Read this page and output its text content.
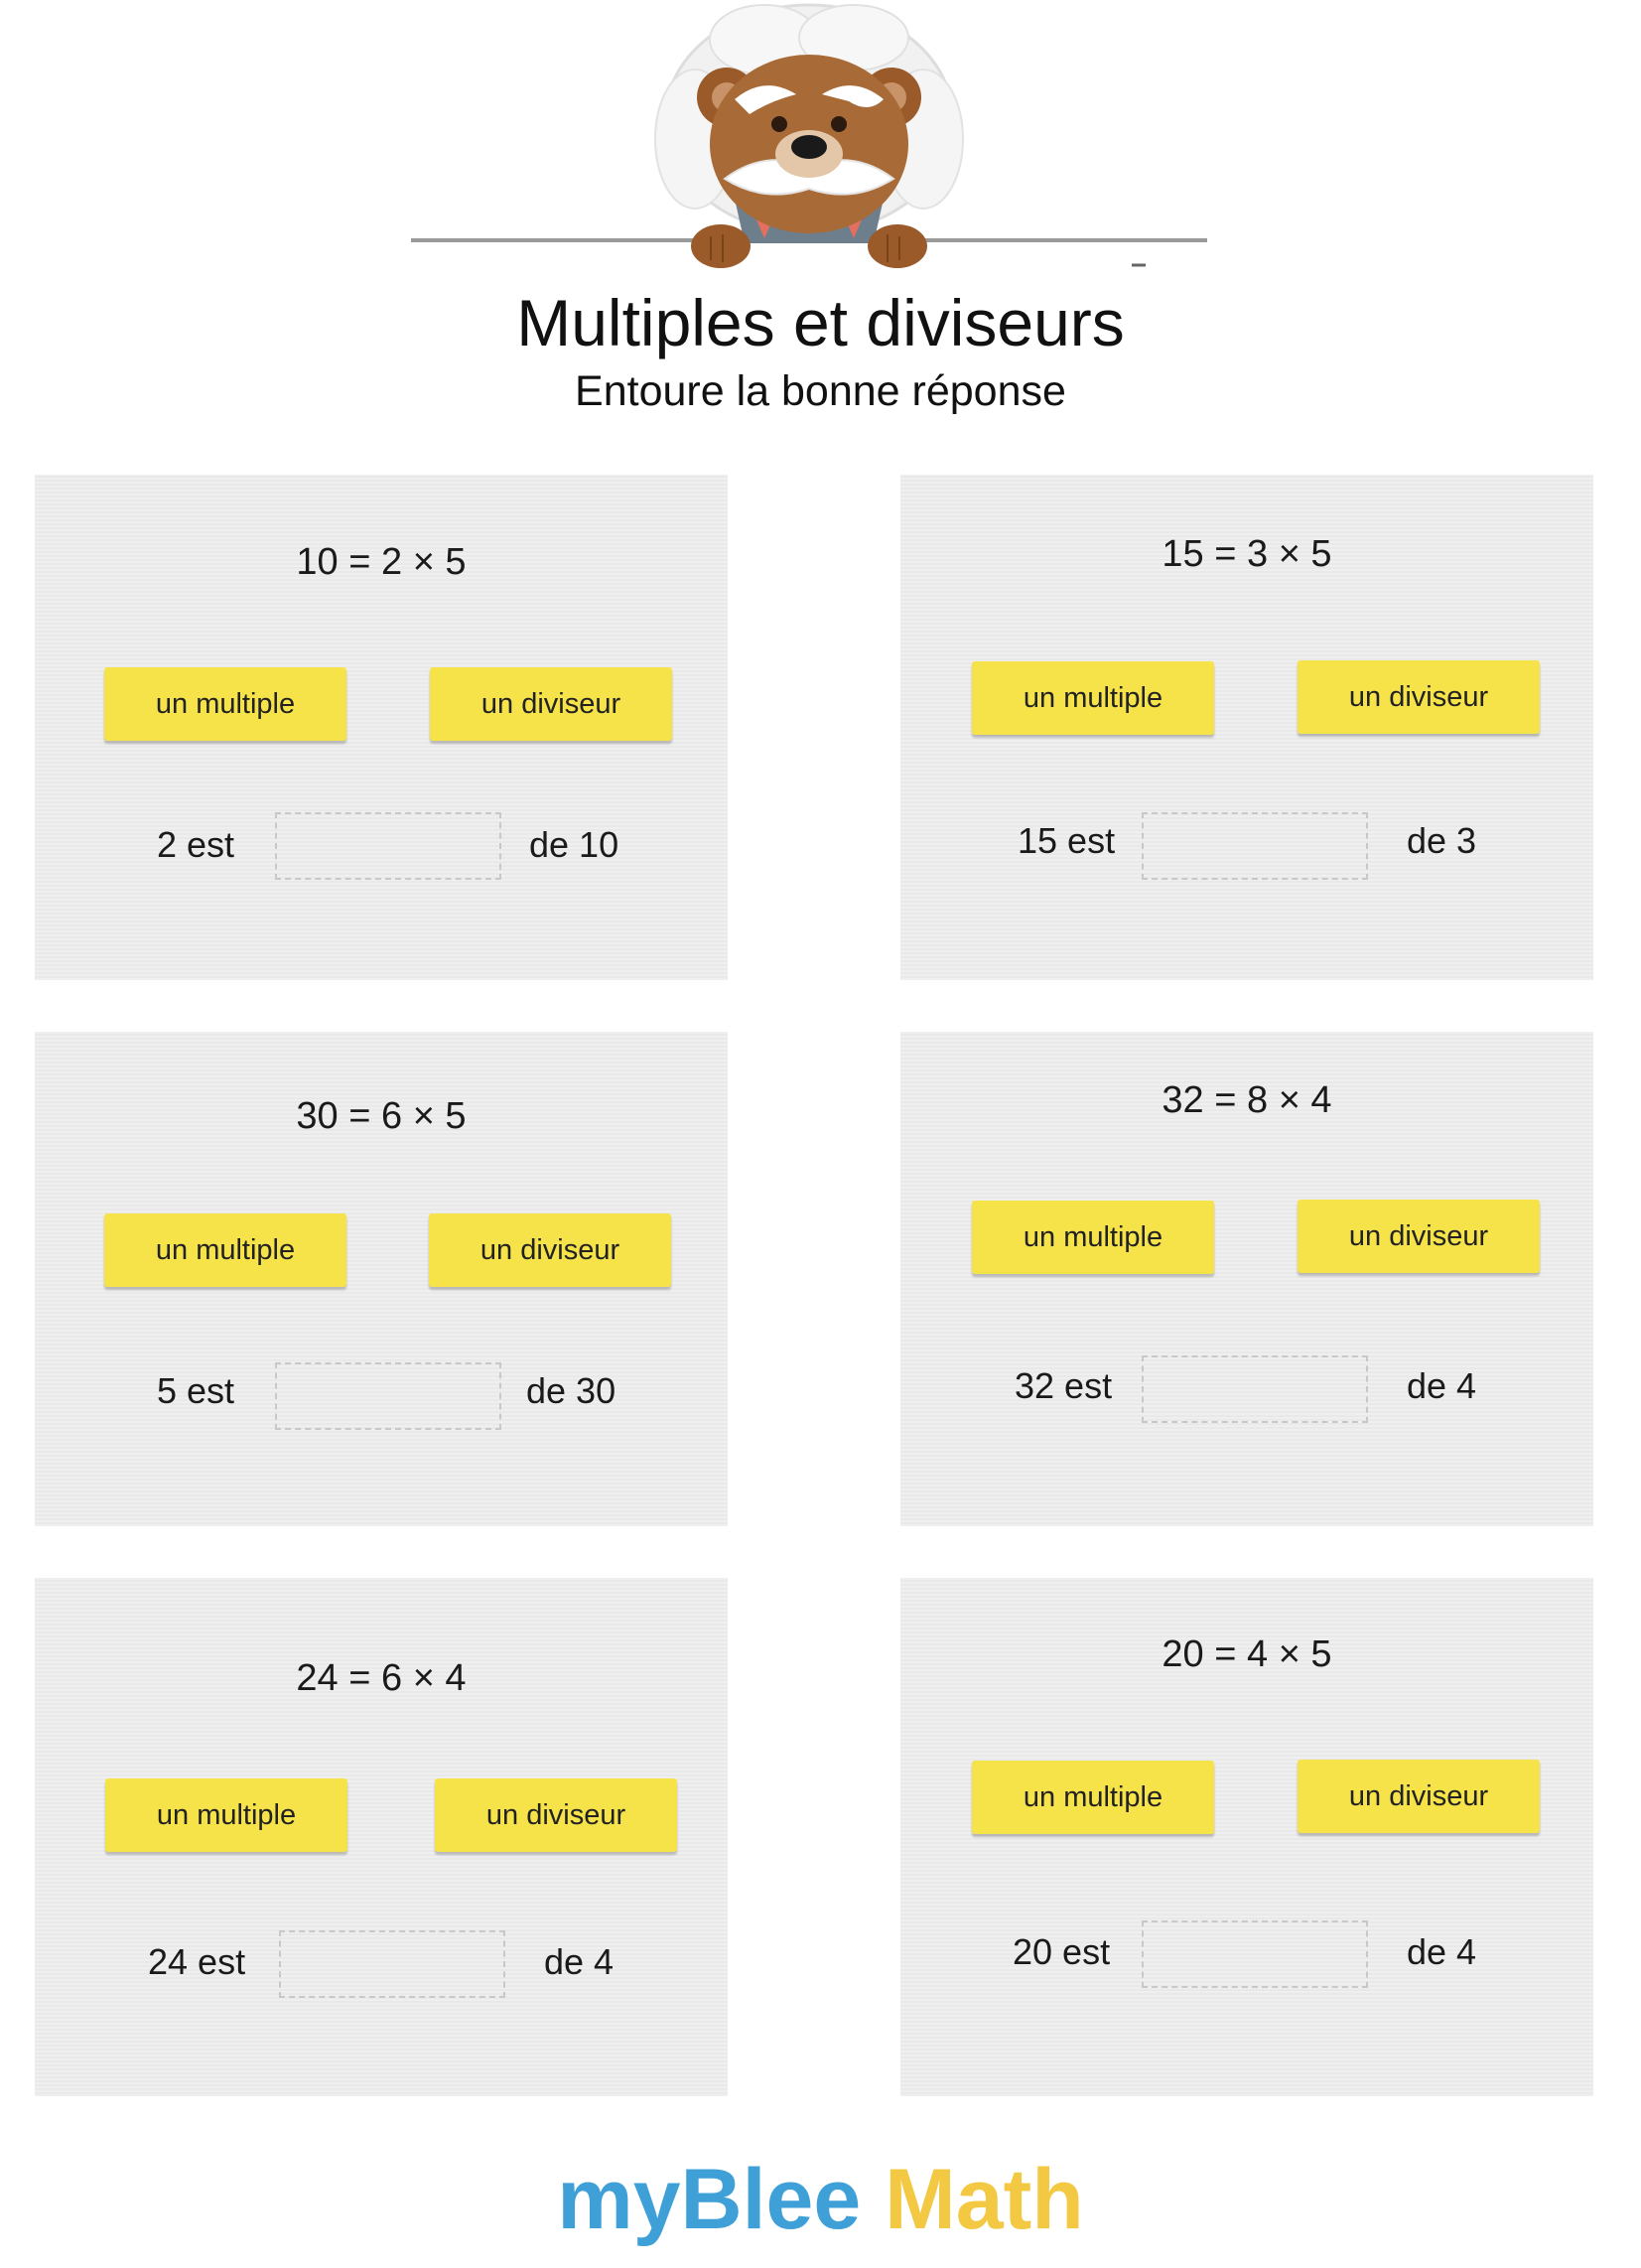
Multiples et diviseurs
Entoure la bonne réponse
10 = 2 × 5
un multiple	un diviseur
2 est	de 10
15 = 3 × 5
un multiple	un diviseur
15 est	de 3
30 = 6 × 5
un multiple	un diviseur
5 est	de 30
32 = 8 × 4
un multiple	un diviseur
32 est	de 4
24 = 6 × 4
un multiple	un diviseur
24 est	de 4
20 = 4 × 5
un multiple	un diviseur
20 est	de 4
myBlee Math
